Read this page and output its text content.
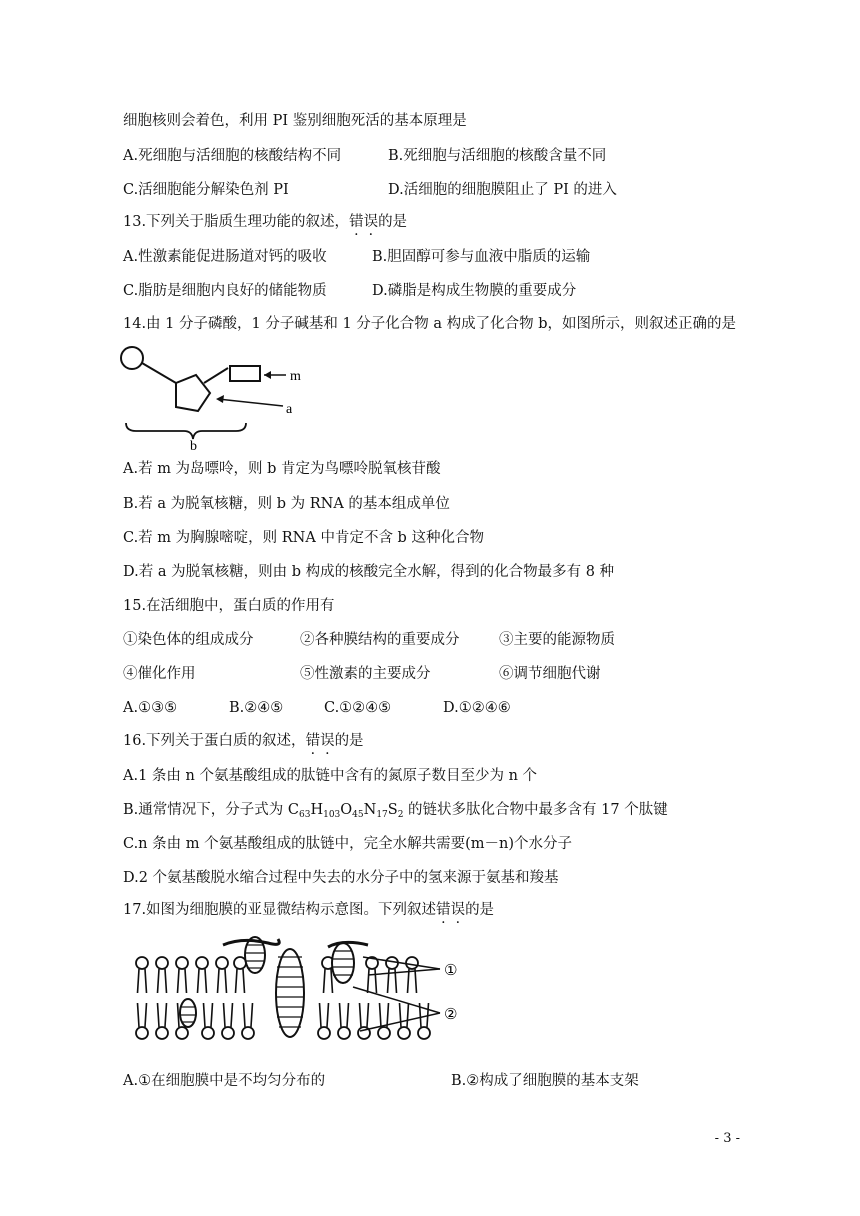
细胞核则会着色，利用 PI 鉴别细胞死活的基本原理是
A.死细胞与活细胞的核酸结构不同	B.死细胞与活细胞的核酸含量不同
C.活细胞能分解染色剂 PI	D.活细胞的细胞膜阻止了 PI 的进入
13.下列关于脂质生理功能的叙述，错误的是
A.性激素能促进肠道对钙的吸收	B.胆固醇可参与血液中脂质的运输
C.脂肪是细胞内良好的储能物质	D.磷脂是构成生物膜的重要成分
14.由 1 分子磷酸，1 分子碱基和 1 分子化合物 a 构成了化合物 b，如图所示，则叙述正确的是
m
a
b
A.若 m 为岛嘌呤，则 b 肯定为鸟嘌呤脱氧核苷酸
B.若 a 为脱氧核糖，则 b 为 RNA 的基本组成单位
C.若 m 为胸腺嘧啶，则 RNA 中肯定不含 b 这种化合物
D.若 a 为脱氧核糖，则由 b 构成的核酸完全水解，得到的化合物最多有 8 种
15.在活细胞中，蛋白质的作用有
①染色体的组成成分	②各种膜结构的重要成分	③主要的能源物质
④催化作用	⑤性激素的主要成分	⑥调节细胞代谢
A.①③⑤	B.②④⑤	C.①②④⑤	D.①②④⑥
16.下列关于蛋白质的叙述，错误的是
A.1 条由 n 个氨基酸组成的肽链中含有的氮原子数目至少为 n 个
B.通常情况下，分子式为 $C_{63}H_{103}O_{45}N_{17}S_2$ 的链状多肽化合物中最多含有 17 个肽键
C.n 条由 m 个氨基酸组成的肽链中，完全水解共需要(m－n)个水分子
D.2 个氨基酸脱水缩合过程中失去的水分子中的氢来源于氨基和羧基
17.如图为细胞膜的亚显微结构示意图。下列叙述错误的是
①
②
A.①在细胞膜中是不均匀分布的	B.②构成了细胞膜的基本支架
- 3 -
